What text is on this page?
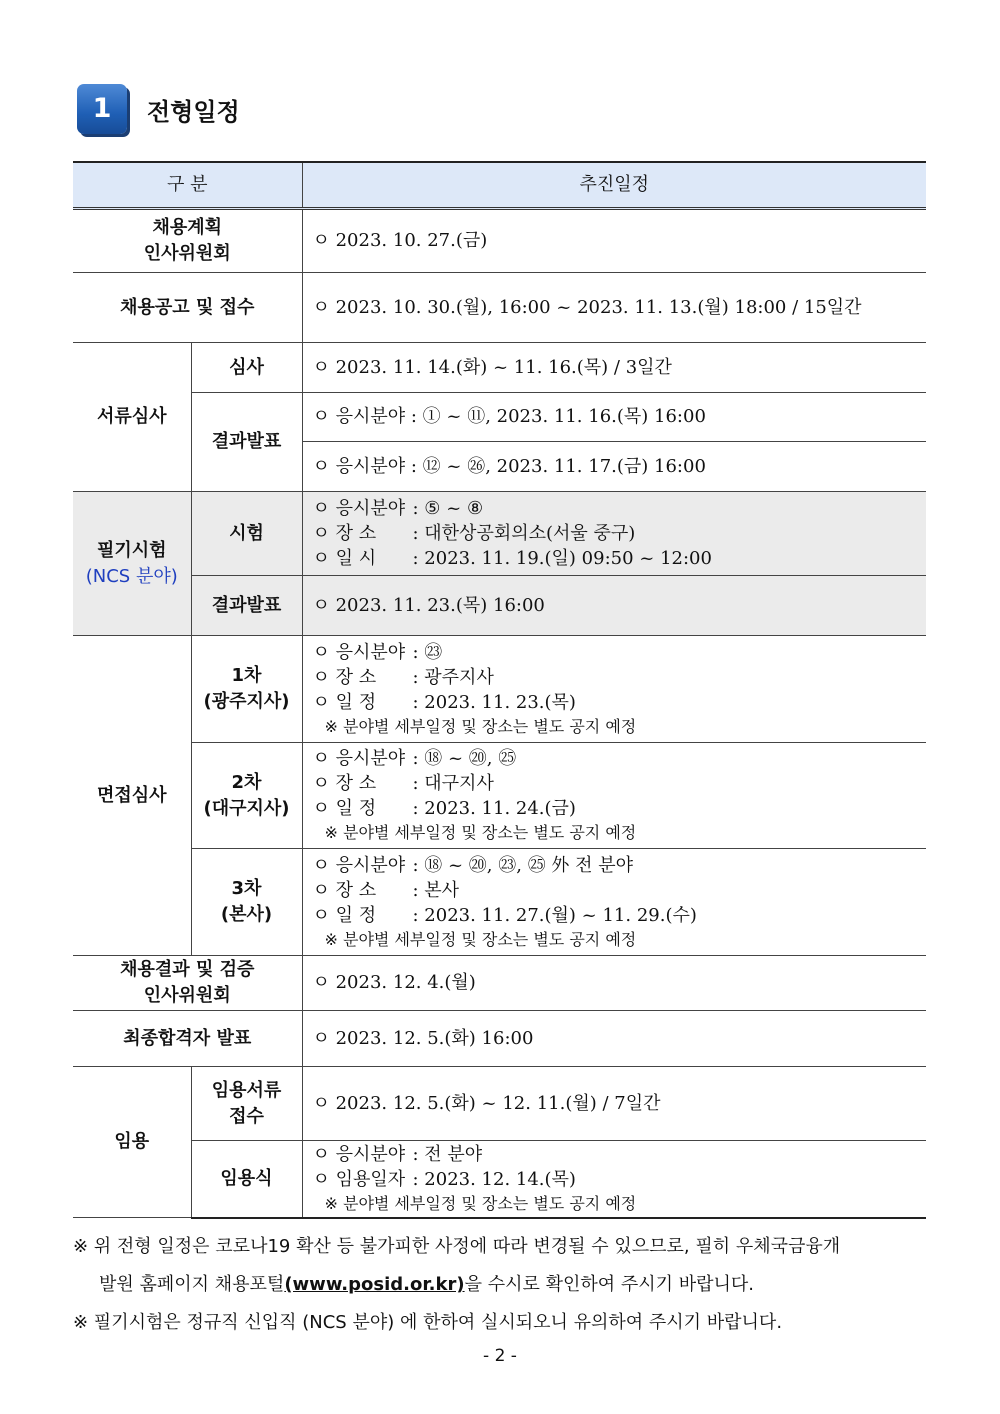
1	전형일정
구 분		추진일정

채용계획
인사위원회		ㅇ 2023. 10. 27.(금)

채용공고 및 접수		ㅇ 2023. 10. 30.(월), 16:00 ~ 2023. 11. 13.(월) 18:00 / 15일간

서류심사	심사	ㅇ 2023. 11. 14.(화) ~ 11. 16.(목) / 3일간

	결과발표	ㅇ 응시분야 : ① ~ ⑪, 2023. 11. 16.(목) 16:00

		ㅇ 응시분야 : ⑫ ~ ㉖, 2023. 11. 17.(금) 16:00

필기시험
(NCS 분야)	시험	ㅇ 응시분야 : ⑤ ~ ⑧
ㅇ 장 소 : 대한상공회의소(서울 중구)
ㅇ 일 시 : 2023. 11. 19.(일) 09:50 ~ 12:00

	결과발표	ㅇ 2023. 11. 23.(목) 16:00

면접심사	1차
(광주지사)	ㅇ 응시분야 : ㉓
ㅇ 장 소 : 광주지사
ㅇ 일 정 : 2023. 11. 23.(목)
※ 분야별 세부일정 및 장소는 별도 공지 예정

	2차
(대구지사)	ㅇ 응시분야 : ⑱ ~ ⑳, ㉕
ㅇ 장 소 : 대구지사
ㅇ 일 정 : 2023. 11. 24.(금)
※ 분야별 세부일정 및 장소는 별도 공지 예정

	3차
(본사)	ㅇ 응시분야 : ⑱ ~ ⑳, ㉓, ㉕ 外 전 분야
ㅇ 장 소 : 본사
ㅇ 일 정 : 2023. 11. 27.(월) ~ 11. 29.(수)
※ 분야별 세부일정 및 장소는 별도 공지 예정

채용결과 및 검증
인사위원회		ㅇ 2023. 12. 4.(월)

최종합격자 발표		ㅇ 2023. 12. 5.(화) 16:00

임용	임용서류
접수	ㅇ 2023. 12. 5.(화) ~ 12. 11.(월) / 7일간

	임용식	ㅇ 응시분야 : 전 분야
ㅇ 임용일자 : 2023. 12. 14.(목)
※ 분야별 세부일정 및 장소는 별도 공지 예정
※ 위 전형 일정은 코로나19 확산 등 불가피한 사정에 따라 변경될 수 있으므로, 필히 우체국금융개
발원 홈페이지 채용포털(www.posid.or.kr)을 수시로 확인하여 주시기 바랍니다.
※ 필기시험은 정규직 신입직 (NCS 분야) 에 한하여 실시되오니 유의하여 주시기 바랍니다.
- 2 -
